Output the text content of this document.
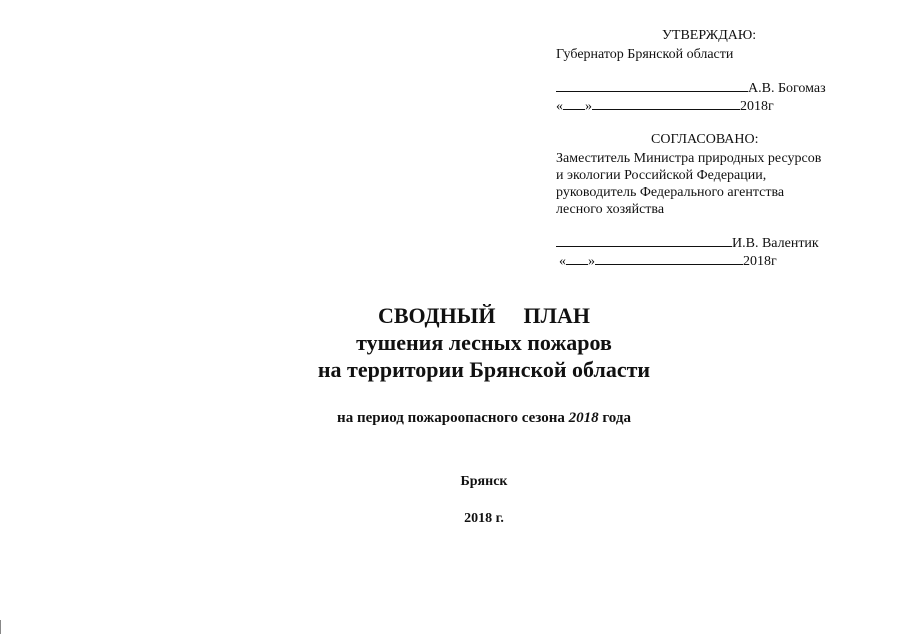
УТВЕРЖДАЮ:
Губернатор Брянской области
А.В. Богомаз
« »	2018г
СОГЛАСОВАНО:
Заместитель Министра природных ресурсов
и экологии Российской Федерации,
руководитель Федерального агентства
лесного хозяйства
И.В. Валентик
« »	2018г
СВОДНЫЙ ПЛАН
тушения лесных пожаров
на территории Брянской области
на период пожароопасного сезона 2018 года
Брянск
2018 г.
